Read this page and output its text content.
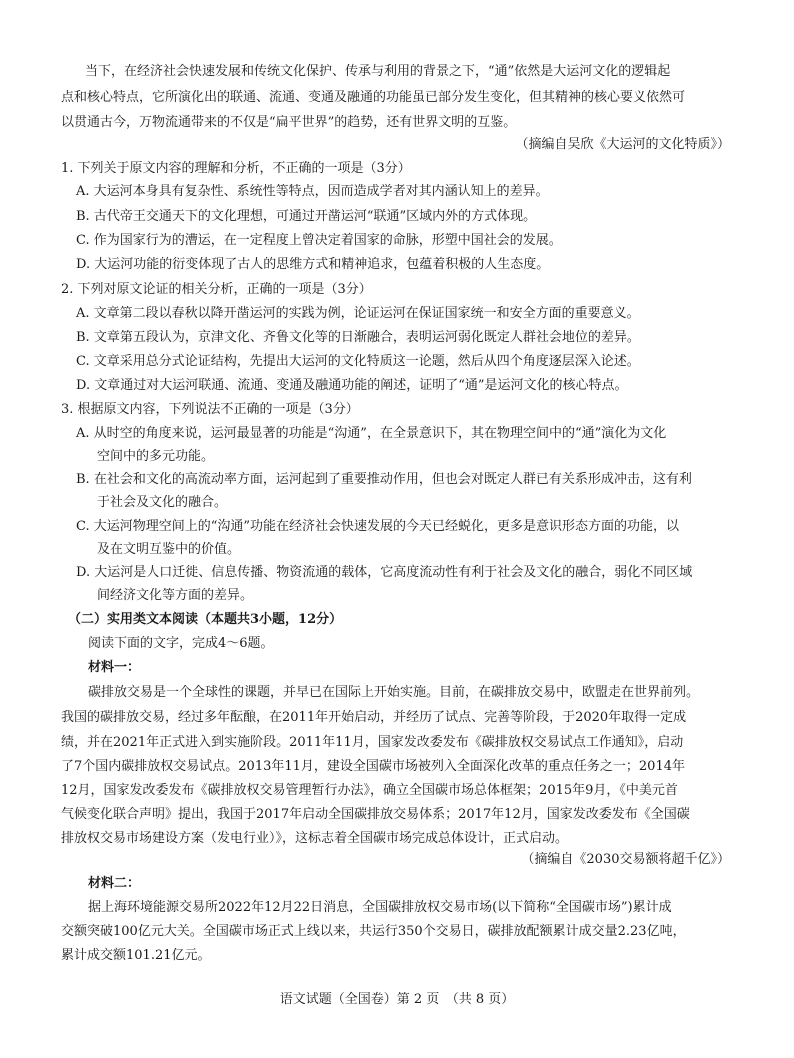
当下，在经济社会快速发展和传统文化保护、传承与利用的背景之下，“通”依然是大运河文化的逻辑起
点和核心特点，它所演化出的联通、流通、变通及融通的功能虽已部分发生变化，但其精神的核心要义依然可
以贯通古今，万物流通带来的不仅是“扁平世界”的趋势，还有世界文明的互鉴。
（摘编自吴欣《大运河的文化特质》）
1. 下列关于原文内容的理解和分析，不正确的一项是（3分）
A. 大运河本身具有复杂性、系统性等特点，因而造成学者对其内涵认知上的差异。
B. 古代帝王交通天下的文化理想，可通过开凿运河“联通”区域内外的方式体现。
C. 作为国家行为的漕运，在一定程度上曾决定着国家的命脉，形塑中国社会的发展。
D. 大运河功能的衍变体现了古人的思维方式和精神追求，包蕴着积极的人生态度。
2. 下列对原文论证的相关分析，正确的一项是（3分）
A. 文章第二段以春秋以降开凿运河的实践为例，论证运河在保证国家统一和安全方面的重要意义。
B. 文章第五段认为，京津文化、齐鲁文化等的日渐融合，表明运河弱化既定人群社会地位的差异。
C. 文章采用总分式论证结构，先提出大运河的文化特质这一论题，然后从四个角度逐层深入论述。
D. 文章通过对大运河联通、流通、变通及融通功能的阐述，证明了“通”是运河文化的核心特点。
3. 根据原文内容，下列说法不正确的一项是（3分）
A. 从时空的角度来说，运河最显著的功能是“沟通”，在全景意识下，其在物理空间中的“通”演化为文化
空间中的多元功能。
B. 在社会和文化的高流动率方面，运河起到了重要推动作用，但也会对既定人群已有关系形成冲击，这有利
于社会及文化的融合。
C. 大运河物理空间上的“沟通”功能在经济社会快速发展的今天已经蜕化，更多是意识形态方面的功能，以
及在文明互鉴中的价值。
D. 大运河是人口迁徙、信息传播、物资流通的载体，它高度流动性有利于社会及文化的融合，弱化不同区域
间经济文化等方面的差异。
（二）实用类文本阅读（本题共3小题，12分）
阅读下面的文字，完成4～6题。
材料一：
碳排放交易是一个全球性的课题，并早已在国际上开始实施。目前，在碳排放交易中，欧盟走在世界前列。
我国的碳排放交易，经过多年酝酿，在2011年开始启动，并经历了试点、完善等阶段，于2020年取得一定成
绩，并在2021年正式进入到实施阶段。2011年11月，国家发改委发布《碳排放权交易试点工作通知》，启动
了7个国内碳排放权交易试点。2013年11月，建设全国碳市场被列入全面深化改革的重点任务之一；2014年
12月，国家发改委发布《碳排放权交易管理暂行办法》，确立全国碳市场总体框架；2015年9月，《中美元首
气候变化联合声明》提出，我国于2017年启动全国碳排放交易体系；2017年12月，国家发改委发布《全国碳
排放权交易市场建设方案（发电行业）》，这标志着全国碳市场完成总体设计，正式启动。
（摘编自《2030交易额将超千亿》）
材料二：
据上海环境能源交易所2022年12月22日消息，全国碳排放权交易市场(以下简称“全国碳市场”)累计成
交额突破100亿元大关。全国碳市场正式上线以来，共运行350个交易日，碳排放配额累计成交量2.23亿吨，
累计成交额101.21亿元。
语文试题（全国卷）第 2 页　（共 8 页）
